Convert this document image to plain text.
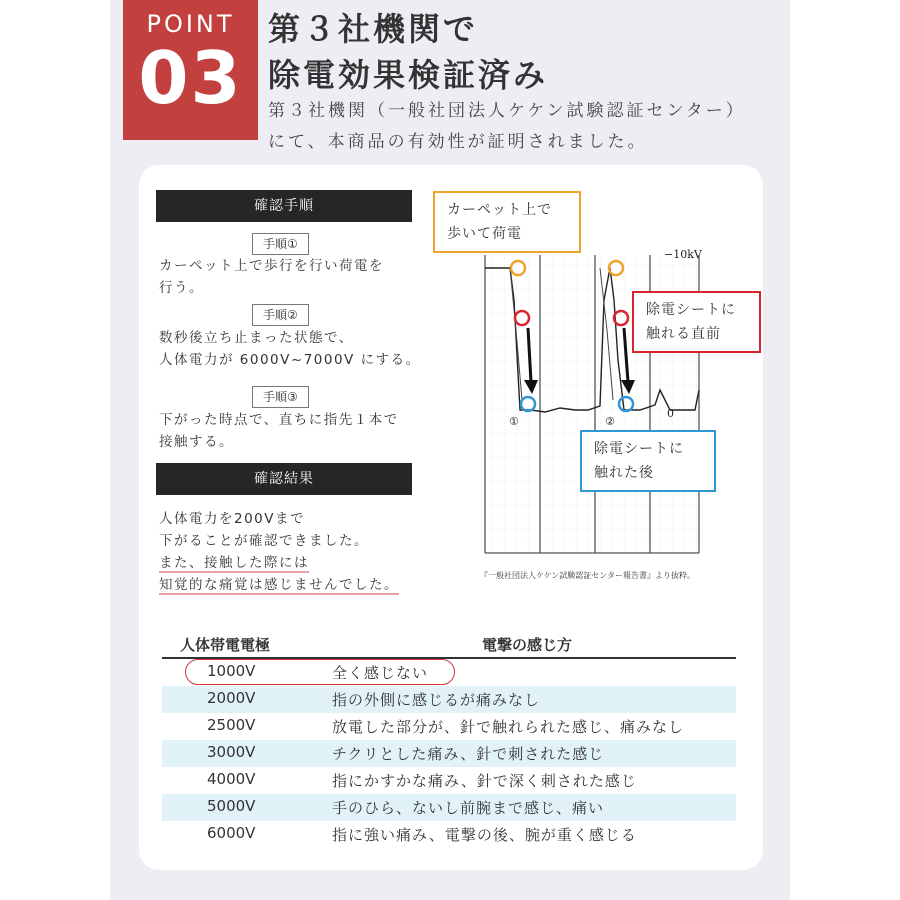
POINT
03
第３社機関で
除電効果検証済み
第３社機関（一般社団法人ケケン試験認証センター）
にて、本商品の有効性が証明されました。
確認手順
手順①
カーペット上で歩行を行い荷電を
行う。
手順②
数秒後立ち止まった状態で、
人体電力が 6000V~7000V にする。
手順③
下がった時点で、直ちに指先１本で
接触する。
確認結果
人体電力を200Vまで
下がることが確認できました。
また、接触した際には
知覚的な痛覚は感じませんでした。
−10kV
0
①	②
カーペット上で
歩いて荷電
除電シートに
触れる直前
除電シートに
触れた後
『一般社団法人ケケン試験認証センター報告書』より抜粋。
人体帯電電極	電撃の感じ方
1000V	全く感じない
2000V	指の外側に感じるが痛みなし
2500V	放電した部分が、針で触れられた感じ、痛みなし
3000V	チクリとした痛み、針で刺された感じ
4000V	指にかすかな痛み、針で深く刺された感じ
5000V	手のひら、ないし前腕まで感じ、痛い
6000V	指に強い痛み、電撃の後、腕が重く感じる
